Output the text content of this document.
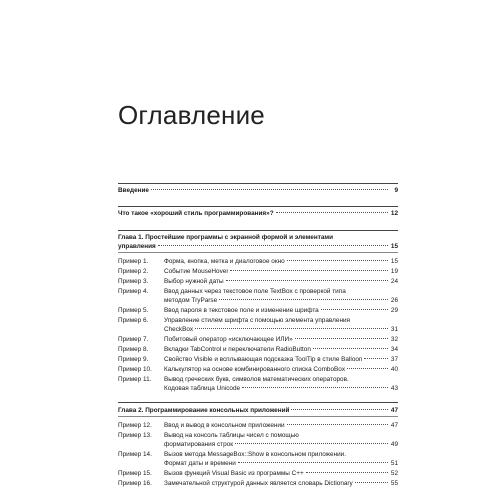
Оглавление
Введение	9
Что такое «хороший стиль программирования»?	12
Глава 1. Простейшие программы с экранной формой и элементами
управления	15
Пример 1.	Форма, кнопка, метка и диалоговое окно	15
Пример 2.	Событие MouseHover	19
Пример 3.	Выбор нужной даты	24
Пример 4.	Ввод данных через текстовое поле TextBox с проверкой типа
методом TryParse	26
Пример 5.	Ввод пароля в текстовое поле и изменение шрифта	29
Пример 6.	Управление стилем шрифта с помощью элемента управления
CheckBox	31
Пример 7.	Побитовый оператор «исключающее ИЛИ»	32
Пример 8.	Вкладки TabControl и переключатели RadioButton	34
Пример 9.	Свойство Visible и всплывающая подсказка ToolTip в стиле Balloon	37
Пример 10.	Калькулятор на основе комбинированного списка ComboBox	40
Пример 11.	Вывод греческих букв, символов математических операторов.
Кодовая таблица Unicode	43
Глава 2. Программирование консольных приложений	47
Пример 12.	Ввод и вывод в консольном приложении	47
Пример 13.	Вывод на консоль таблицы чисел с помощью
форматирования строк	49
Пример 14.	Вызов метода MessageBox::Show в консольном приложении.
Формат даты и времени	51
Пример 15.	Вызов функций Visual Basic из программы C++	52
Пример 16.	Замечательной структурой данных является словарь Dictionary	55
